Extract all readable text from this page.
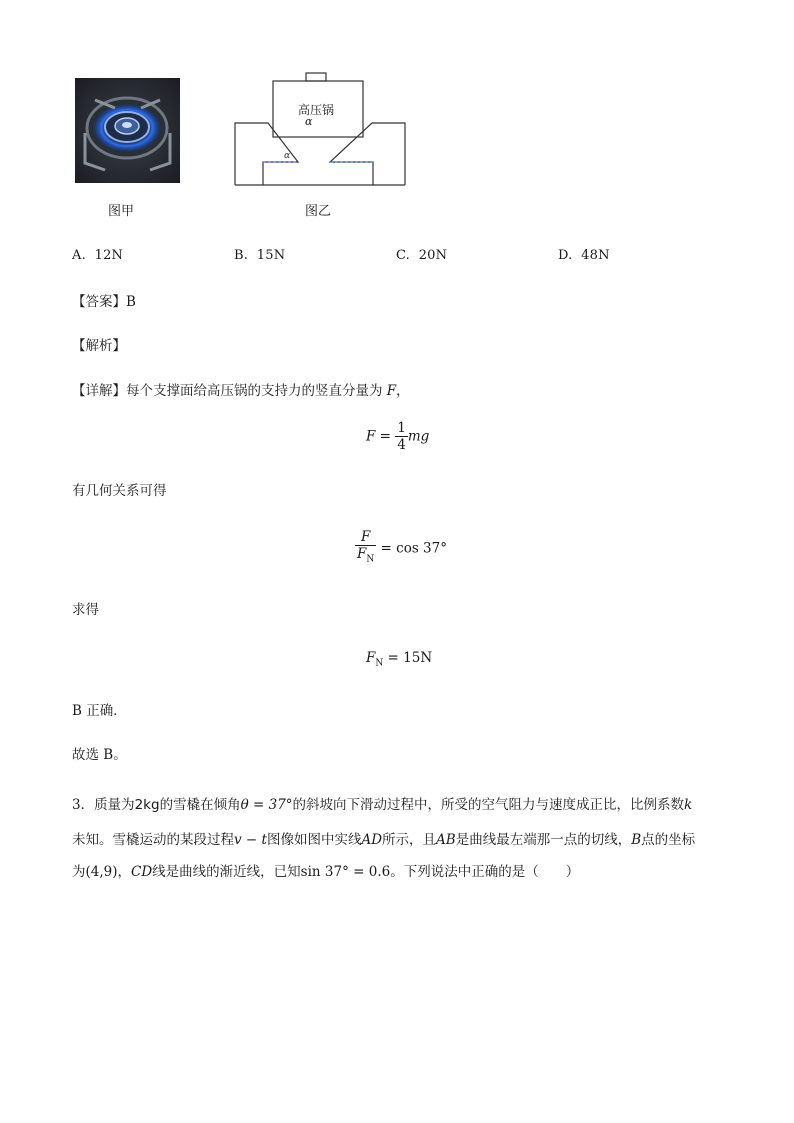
图甲
α
高压锅
α
图乙
A. 12N	B. 15N	C. 20N	D. 48N
【答案】B
【解析】
【详解】每个支撑面给高压锅的支持力的竖直分量为 F，
$F = \frac{1}{4}$ mg
有几何关系可得
$\frac{F}{F_N} = \cos 37^\circ$
求得
$F_N = 15N$
B 正确．
故选 B。
3．质量为2kg的雪橇在倾角θ = 37°的斜坡向下滑动过程中，所受的空气阻力与速度成正比，比例系数k
未知。雪橇运动的某段过程v − t图像如图中实线AD所示，且AB是曲线最左端那一点的切线，B点的坐标
为(4,9)，CD线是曲线的渐近线，已知sin 37° = 0.6。下列说法中正确的是（　　）
